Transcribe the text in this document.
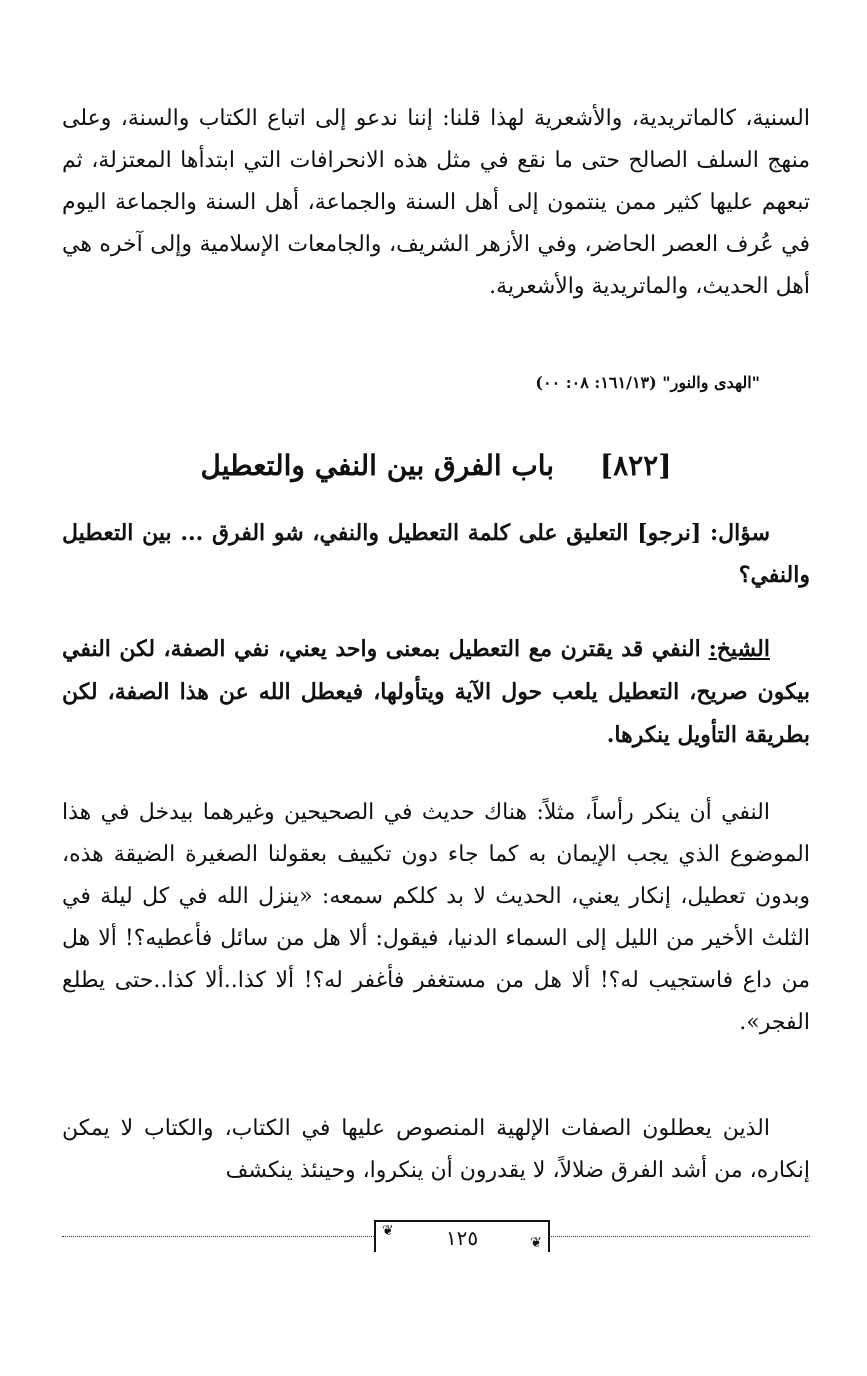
السنية، كالماتريدية، والأشعرية لهذا قلنا: إننا ندعو إلى اتباع الكتاب والسنة، وعلى منهج السلف الصالح حتى ما نقع في مثل هذه الانحرافات التي ابتدأها المعتزلة، ثم تبعهم عليها كثير ممن ينتمون إلى أهل السنة والجماعة، أهل السنة والجماعة اليوم في عُرف العصر الحاضر، وفي الأزهر الشريف، والجامعات الإسلامية وإلى آخره هي أهل الحديث، والماتريدية والأشعرية.

"الهدى والنور" (١٦١/١٣: ٠٨: ٠٠)
[٨٢٢] باب الفرق بين النفي والتعطيل

سؤال: [نرجو] التعليق على كلمة التعطيل والنفي، شو الفرق ... بين التعطيل والنفي؟

الشيخ: النفي قد يقترن مع التعطيل بمعنى واحد يعني، نفي الصفة، لكن النفي بيكون صريح، التعطيل يلعب حول الآية ويتأولها، فيعطل الله عن هذا الصفة، لكن بطريقة التأويل ينكرها.

النفي أن ينكر رأساً، مثلاً: هناك حديث في الصحيحين وغيرهما بيدخل في هذا الموضوع الذي يجب الإيمان به كما جاء دون تكييف بعقولنا الصغيرة الضيقة هذه، وبدون تعطيل، إنكار يعني، الحديث لا بد كلكم سمعه: «ينزل الله في كل ليلة في الثلث الأخير من الليل إلى السماء الدنيا، فيقول: ألا هل من سائل فأعطيه؟! ألا هل من داع فاستجيب له؟! ألا هل من مستغفر فأغفر له؟! ألا كذا..ألا كذا..حتى يطلع الفجر».

الذين يعطلون الصفات الإلهية المنصوص عليها في الكتاب، والكتاب لا يمكن إنكاره، من أشد الفرق ضلالاً، لا يقدرون أن ينكروا، وحينئذ ينكشف

❦	١٢٥	❦
